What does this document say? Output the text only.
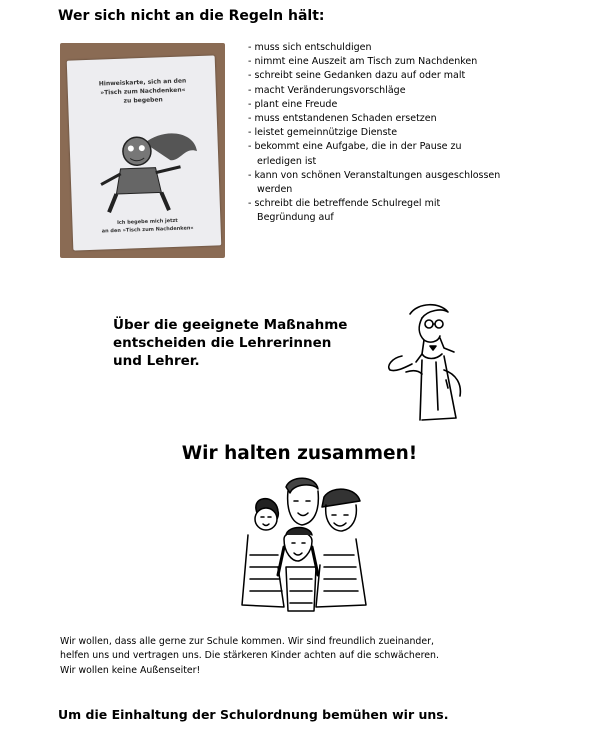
Wer sich nicht an die Regeln hält:
Hinweiskarte, sich an den
»Tisch zum Nachdenken«
zu begeben
Ich begebe mich jetzt
an den »Tisch zum Nachdenken«
- muss sich entschuldigen
- nimmt eine Auszeit am Tisch zum Nachdenken
- schreibt seine Gedanken dazu auf oder malt
- macht Veränderungsvorschläge
- plant eine Freude
- muss entstandenen Schaden ersetzen
- leistet gemeinnützige Dienste
- bekommt eine Aufgabe, die in der Pause zu
erledigen ist
- kann von schönen Veranstaltungen ausgeschlossen
werden
- schreibt die betreffende Schulregel mit
Begründung auf
Über die geeignete Maßnahme
entscheiden die Lehrerinnen
und Lehrer.
Wir halten zusammen!
Wir wollen, dass alle gerne zur Schule kommen. Wir sind freundlich zueinander,
helfen uns und vertragen uns. Die stärkeren Kinder achten auf die schwächeren.
Wir wollen keine Außenseiter!
Um die Einhaltung der Schulordnung bemühen wir uns.
